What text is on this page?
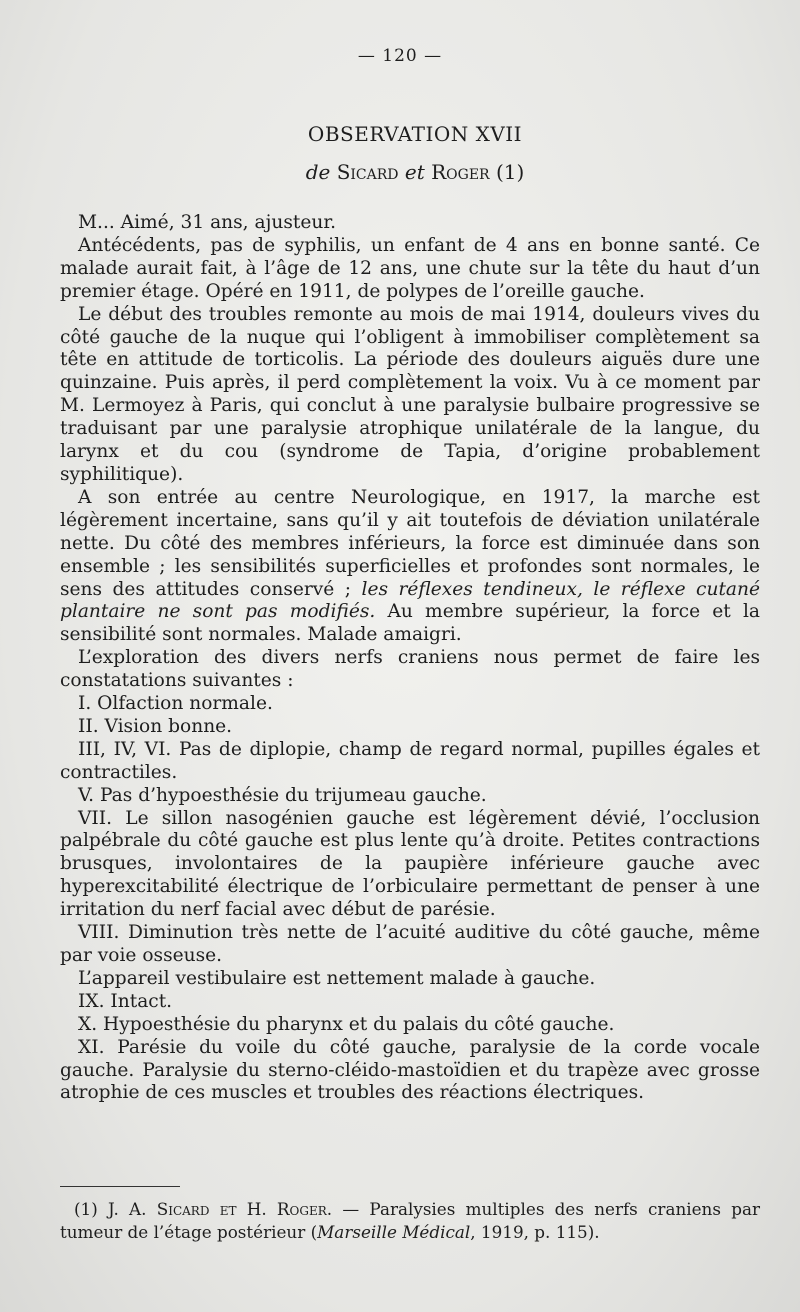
— 120 —
OBSERVATION XVII
de Sicard et Roger (1)

M... Aimé, 31 ans, ajusteur.

Antécédents, pas de syphilis, un enfant de 4 ans en bonne santé. Ce malade aurait fait, à l’âge de 12 ans, une chute sur la tête du haut d’un premier étage. Opéré en 1911, de polypes de l’oreille gauche.

Le début des troubles remonte au mois de mai 1914, douleurs vives du côté gauche de la nuque qui l’obligent à immobiliser complètement sa tête en attitude de torticolis. La période des douleurs aiguës dure une quinzaine. Puis après, il perd complètement la voix. Vu à ce moment par M. Lermoyez à Paris, qui conclut à une paralysie bulbaire progressive se traduisant par une paralysie atrophique unilatérale de la langue, du larynx et du cou (syndrome de Tapia, d’origine probablement syphilitique).

A son entrée au centre Neurologique, en 1917, la marche est légèrement incertaine, sans qu’il y ait toutefois de déviation unilatérale nette. Du côté des membres inférieurs, la force est diminuée dans son ensemble ; les sensibilités superficielles et profondes sont normales, le sens des attitudes conservé ; les réflexes tendineux, le réflexe cutané plantaire ne sont pas modifiés. Au membre supérieur, la force et la sensibilité sont normales. Malade amaigri.

L’exploration des divers nerfs craniens nous permet de faire les constatations suivantes :

I. Olfaction normale.

II. Vision bonne.

III, IV, VI. Pas de diplopie, champ de regard normal, pupilles égales et contractiles.

V. Pas d’hypoesthésie du trijumeau gauche.

VII. Le sillon nasogénien gauche est légèrement dévié, l’occlusion palpébrale du côté gauche est plus lente qu’à droite. Petites contractions brusques, involontaires de la paupière inférieure gauche avec hyperexcitabilité électrique de l’orbiculaire permettant de penser à une irritation du nerf facial avec début de parésie.

VIII. Diminution très nette de l’acuité auditive du côté gauche, même par voie osseuse.

L’appareil vestibulaire est nettement malade à gauche.

IX. Intact.

X. Hypoesthésie du pharynx et du palais du côté gauche.

XI. Parésie du voile du côté gauche, paralysie de la corde vocale gauche. Paralysie du sterno-cléido-mastoïdien et du trapèze avec grosse atrophie de ces muscles et troubles des réactions électriques.

(1) J. A. Sicard et H. Roger. — Paralysies multiples des nerfs craniens par tumeur de l’étage postérieur (Marseille Médical, 1919, p. 115).
